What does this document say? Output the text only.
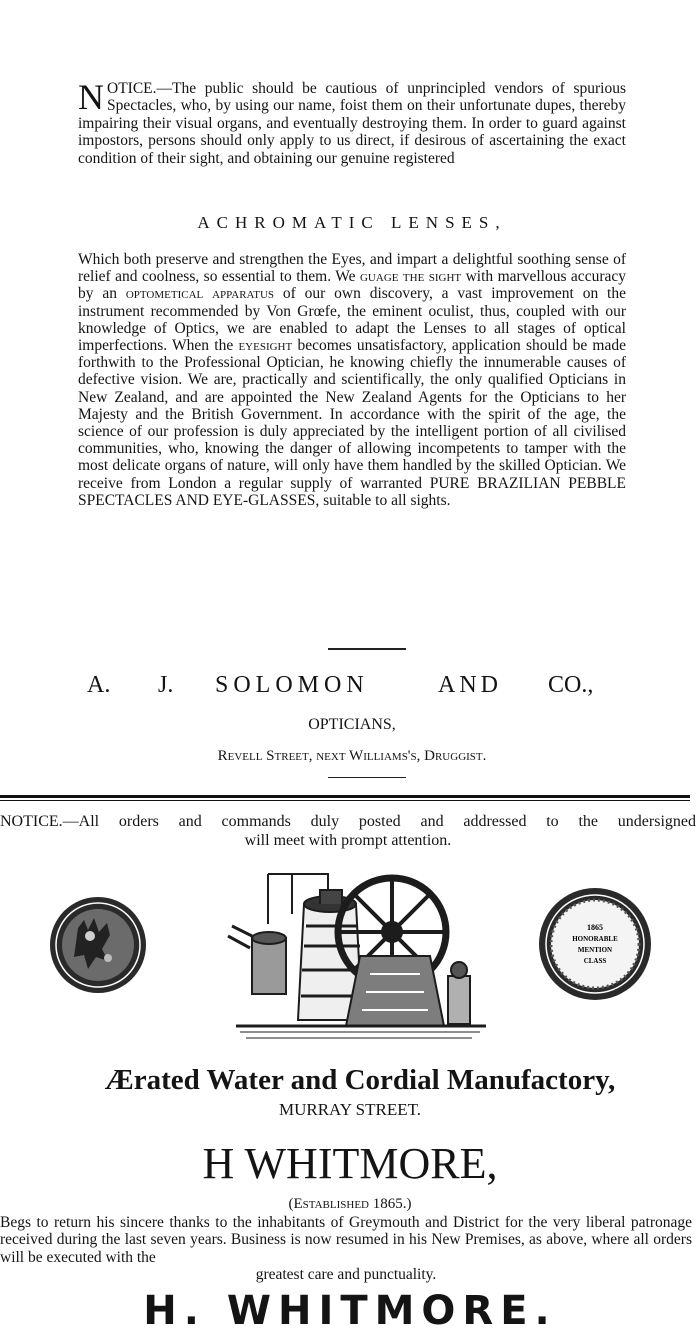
NOTICE.—The public should be cautious of unprincipled vendors of spurious Spectacles, who, by using our name, foist them on their unfortunate dupes, thereby impairing their visual organs, and eventually destroying them. In order to guard against impostors, persons should only apply to us direct, if desirous of ascertaining the exact condition of their sight, and obtaining our genuine registered
ACHROMATIC LENSES,
Which both preserve and strengthen the Eyes, and impart a delightful soothing sense of relief and coolness, so essential to them. We guage the sight with marvellous accuracy by an optometical apparatus of our own discovery, a vast improvement on the instrument recommended by Von Grœfe, the eminent oculist, thus, coupled with our knowledge of Optics, we are enabled to adapt the Lenses to all stages of optical imperfections. When the eyesight becomes unsatisfactory, application should be made forthwith to the Professional Optician, he knowing chiefly the innumerable causes of defective vision. We are, practically and scientifically, the only qualified Opticians in New Zealand, and are appointed the New Zealand Agents for the Opticians to her Majesty and the British Government. In accordance with the spirit of the age, the science of our profession is duly appreciated by the intelligent portion of all civilised communities, who, knowing the danger of allowing incompetents to tamper with the most delicate organs of nature, will only have them handled by the skilled Optician. We receive from London a regular supply of warranted PURE BRAZILIAN PEBBLE SPECTACLES AND EYE-GLASSES, suitable to all sights.
A. J. SOLOMON	AND CO.,
OPTICIANS,
Revell Street, next Williams's, Druggist.
NOTICE.—All orders and commands duly posted and addressed to the undersigned
will meet with prompt attention.
1865
HONORABLE
MENTION
CLASS
Ærated Water and Cordial Manufactory,
MURRAY STREET.
H WHITMORE,
(Established 1865.)
Begs to return his sincere thanks to the inhabitants of Greymouth and District for the very liberal patronage received during the last seven years. Business is now resumed in his New Premises, as above, where all orders will be executed with the
greatest care and punctuality.
H. WHITMORE.
